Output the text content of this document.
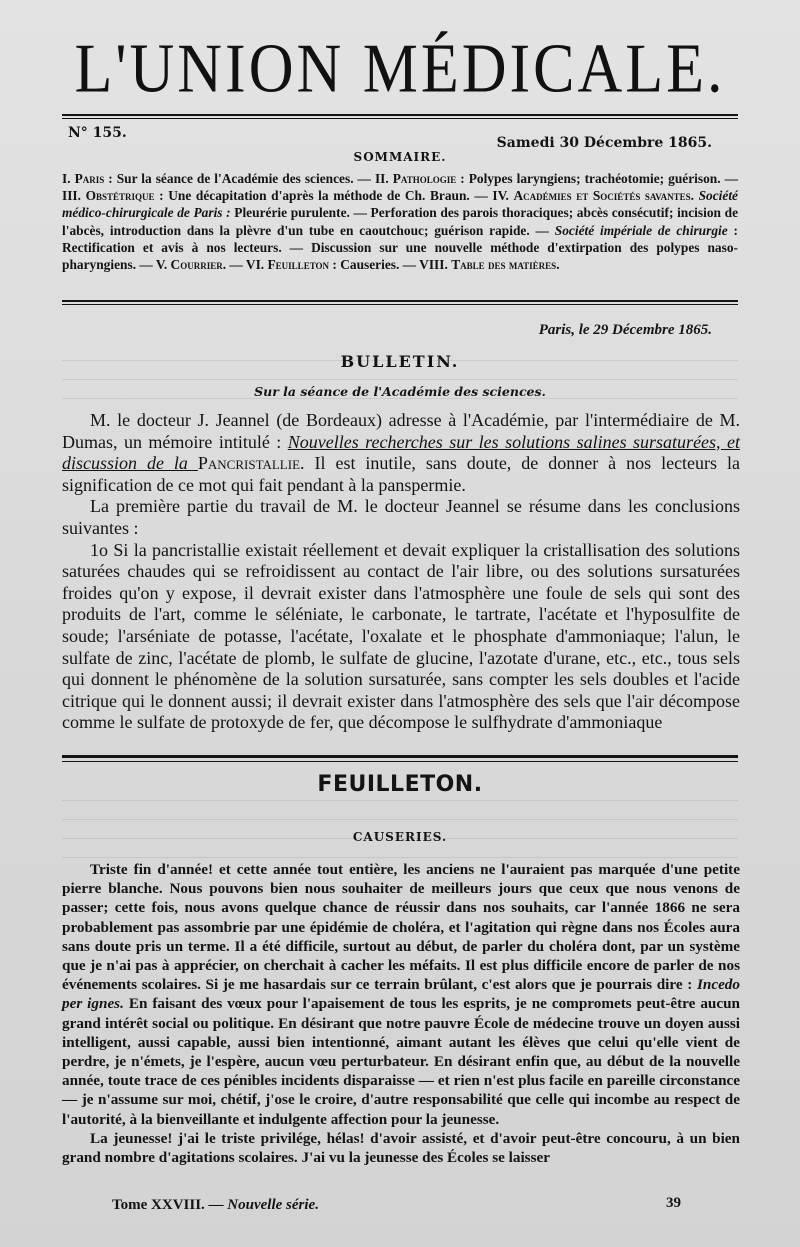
L'UNION MÉDICALE.
N° 155.
Samedi 30 Décembre 1865.
SOMMAIRE.
I. Paris : Sur la séance de l'Académie des sciences. — II. Pathologie : Polypes laryngiens; trachéotomie; guérison. — III. Obstétrique : Une décapitation d'après la méthode de Ch. Braun. — IV. Académies et Sociétés savantes. Société médico-chirurgicale de Paris : Pleurérie purulente. — Perforation des parois thoraciques; abcès consécutif; incision de l'abcès, introduction dans la plèvre d'un tube en caoutchouc; guérison rapide. — Société impériale de chirurgie : Rectification et avis à nos lecteurs. — Discussion sur une nouvelle méthode d'extirpation des polypes naso-pharyngiens. — V. Courrier. — VI. Feuilleton : Causeries. — VIII. Table des matières.
Paris, le 29 Décembre 1865.
BULLETIN.
Sur la séance de l'Académie des sciences.

M. le docteur J. Jeannel (de Bordeaux) adresse à l'Académie, par l'intermédiaire de M. Dumas, un mémoire intitulé : Nouvelles recherches sur les solutions salines sursaturées, et discussion de la Pancristallie. Il est inutile, sans doute, de donner à nos lecteurs la signification de ce mot qui fait pendant à la panspermie.

La première partie du travail de M. le docteur Jeannel se résume dans les conclusions suivantes :

1o Si la pancristallie existait réellement et devait expliquer la cristallisation des solutions saturées chaudes qui se refroidissent au contact de l'air libre, ou des solutions sursaturées froides qu'on y expose, il devrait exister dans l'atmosphère une foule de sels qui sont des produits de l'art, comme le séléniate, le carbonate, le tartrate, l'acétate et l'hyposulfite de soude; l'arséniate de potasse, l'acétate, l'oxalate et le phosphate d'ammoniaque; l'alun, le sulfate de zinc, l'acétate de plomb, le sulfate de glucine, l'azotate d'urane, etc., etc., tous sels qui donnent le phénomène de la solution sursaturée, sans compter les sels doubles et l'acide citrique qui le donnent aussi; il devrait exister dans l'atmosphère des sels que l'air décompose comme le sulfate de protoxyde de fer, que décompose le sulfhydrate d'ammoniaque

FEUILLETON.
CAUSERIES.

Triste fin d'année! et cette année tout entière, les anciens ne l'auraient pas marquée d'une petite pierre blanche. Nous pouvons bien nous souhaiter de meilleurs jours que ceux que nous venons de passer; cette fois, nous avons quelque chance de réussir dans nos souhaits, car l'année 1866 ne sera probablement pas assombrie par une épidémie de choléra, et l'agitation qui règne dans nos Écoles aura sans doute pris un terme. Il a été difficile, surtout au début, de parler du choléra dont, par un système que je n'ai pas à apprécier, on cherchait à cacher les méfaits. Il est plus difficile encore de parler de nos événements scolaires. Si je me hasardais sur ce terrain brûlant, c'est alors que je pourrais dire : Incedo per ignes. En faisant des vœux pour l'apaisement de tous les esprits, je ne compromets peut-être aucun grand intérêt social ou politique. En désirant que notre pauvre École de médecine trouve un doyen aussi intelligent, aussi capable, aussi bien intentionné, aimant autant les élèves que celui qu'elle vient de perdre, je n'émets, je l'espère, aucun vœu perturbateur. En désirant enfin que, au début de la nouvelle année, toute trace de ces pénibles incidents disparaisse — et rien n'est plus facile en pareille circonstance — je n'assume sur moi, chétif, j'ose le croire, d'autre responsabilité que celle qui incombe au respect de l'autorité, à la bienveillante et indulgente affection pour la jeunesse.

La jeunesse! j'ai le triste privilége, hélas! d'avoir assisté, et d'avoir peut-être concouru, à un bien grand nombre d'agitations scolaires. J'ai vu la jeunesse des Écoles se laisser

Tome XXVIII. — Nouvelle série.	39
